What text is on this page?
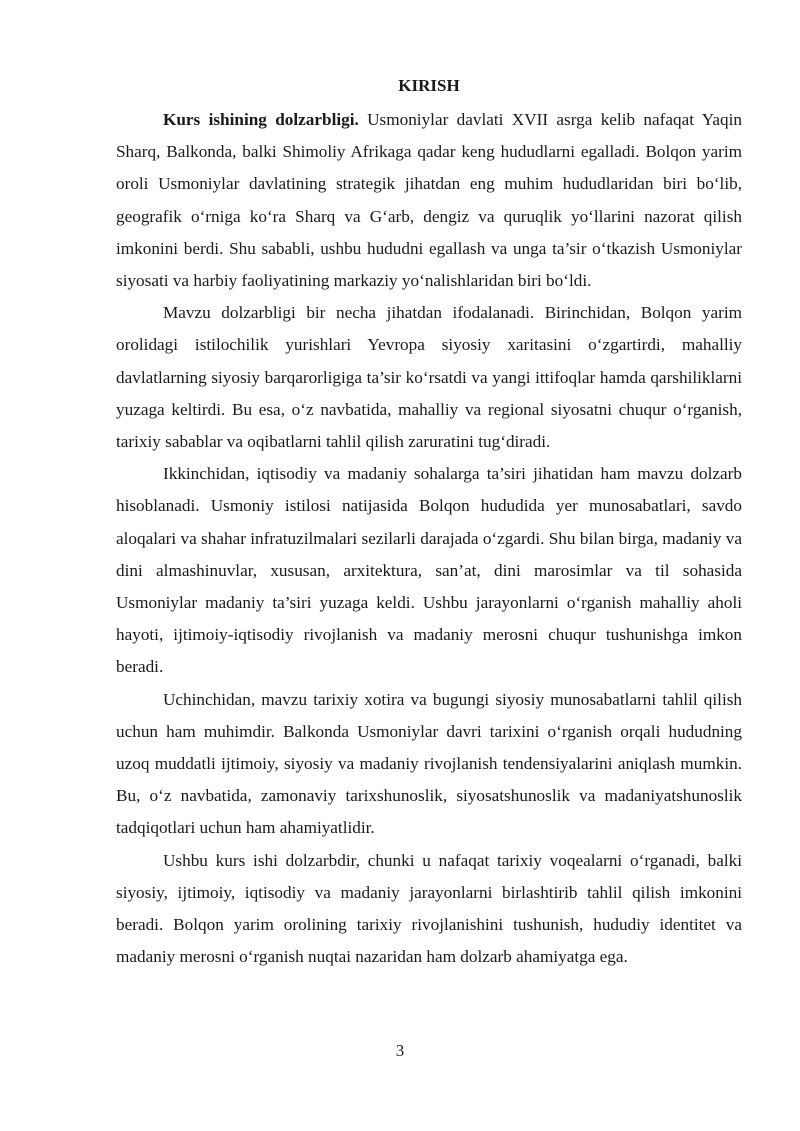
KIRISH

Kurs ishining dolzarbligi. Usmoniylar davlati XVII asrga kelib nafaqat Yaqin Sharq, Balkonda, balki Shimoliy Afrikaga qadar keng hududlarni egalladi. Bolqon yarim oroli Usmoniylar davlatining strategik jihatdan eng muhim hududlaridan biri bo‘lib, geografik o‘rniga ko‘ra Sharq va G‘arb, dengiz va quruqlik yo‘llarini nazorat qilish imkonini berdi. Shu sababli, ushbu hududni egallash va unga ta’sir o‘tkazish Usmoniylar siyosati va harbiy faoliyatining markaziy yo‘nalishlaridan biri bo‘ldi.

Mavzu dolzarbligi bir necha jihatdan ifodalanadi. Birinchidan, Bolqon yarim orolidagi istilochilik yurishlari Yevropa siyosiy xaritasini o‘zgartirdi, mahalliy davlatlarning siyosiy barqarorligiga ta’sir ko‘rsatdi va yangi ittifoqlar hamda qarshiliklarni yuzaga keltirdi. Bu esa, o‘z navbatida, mahalliy va regional siyosatni chuqur o‘rganish, tarixiy sabablar va oqibatlarni tahlil qilish zaruratini tug‘diradi.

Ikkinchidan, iqtisodiy va madaniy sohalarga ta’siri jihatidan ham mavzu dolzarb hisoblanadi. Usmoniy istilosi natijasida Bolqon hududida yer munosabatlari, savdo aloqalari va shahar infratuzilmalari sezilarli darajada o‘zgardi. Shu bilan birga, madaniy va dini almashinuvlar, xususan, arxitektura, san’at, dini marosimlar va til sohasida Usmoniylar madaniy ta’siri yuzaga keldi. Ushbu jarayonlarni o‘rganish mahalliy aholi hayoti, ijtimoiy-iqtisodiy rivojlanish va madaniy merosni chuqur tushunishga imkon beradi.

Uchinchidan, mavzu tarixiy xotira va bugungi siyosiy munosabatlarni tahlil qilish uchun ham muhimdir. Balkonda Usmoniylar davri tarixini o‘rganish orqali hududning uzoq muddatli ijtimoiy, siyosiy va madaniy rivojlanish tendensiyalarini aniqlash mumkin. Bu, o‘z navbatida, zamonaviy tarixshunoslik, siyosatshunoslik va madaniyatshunoslik tadqiqotlari uchun ham ahamiyatlidir.

Ushbu kurs ishi dolzarbdir, chunki u nafaqat tarixiy voqealarni o‘rganadi, balki siyosiy, ijtimoiy, iqtisodiy va madaniy jarayonlarni birlashtirib tahlil qilish imkonini beradi. Bolqon yarim orolining tarixiy rivojlanishini tushunish, hududiy identitet va madaniy merosni o‘rganish nuqtai nazaridan ham dolzarb ahamiyatga ega.

3
